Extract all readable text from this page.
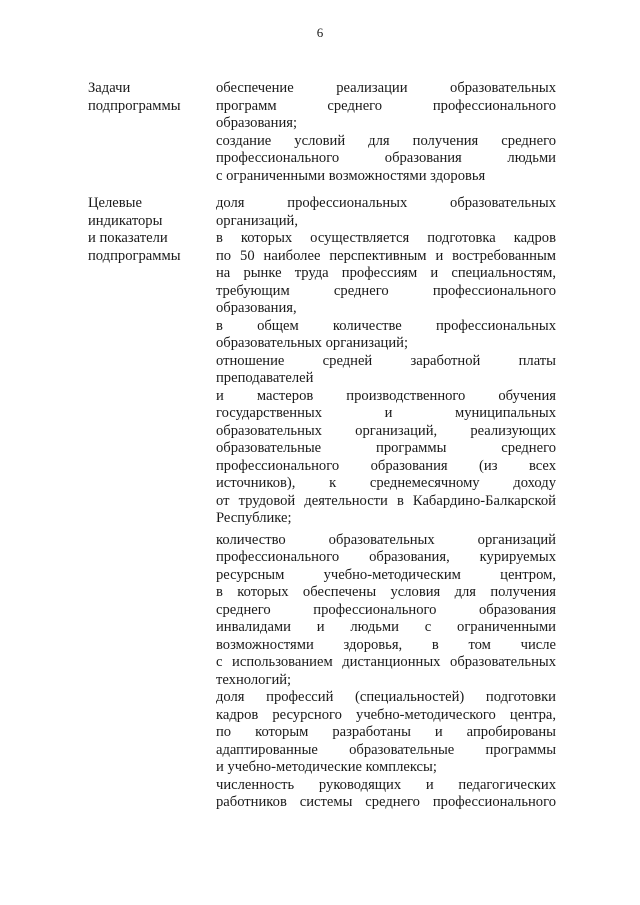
6
Задачи
подпрограммы
обеспечение реализации образовательных
программ среднего профессионального
образования;
создание условий для получения среднего
профессионального образования людьми
с ограниченными возможностями здоровья
Целевые
индикаторы
и показатели
подпрограммы
доля профессиональных образовательных
организаций,
в которых осуществляется подготовка кадров
по 50 наиболее перспективным и востребованным
на рынке труда профессиям и специальностям,
требующим среднего профессионального
образования,
в общем количестве профессиональных
образовательных организаций;
отношение средней заработной платы
преподавателей
и мастеров производственного обучения
государственных и муниципальных
образовательных организаций, реализующих
образовательные программы среднего
профессионального образования (из всех
источников), к среднемесячному доходу
от трудовой деятельности в Кабардино-Балкарской
Республике;
количество образовательных организаций
профессионального образования, курируемых
ресурсным учебно-методическим центром,
в которых обеспечены условия для получения
среднего профессионального образования
инвалидами и людьми с ограниченными
возможностями здоровья, в том числе
с использованием дистанционных образовательных
технологий;
доля профессий (специальностей) подготовки
кадров ресурсного учебно-методического центра,
по которым разработаны и апробированы
адаптированные образовательные программы
и учебно-методические комплексы;
численность руководящих и педагогических
работников системы среднего профессионального
